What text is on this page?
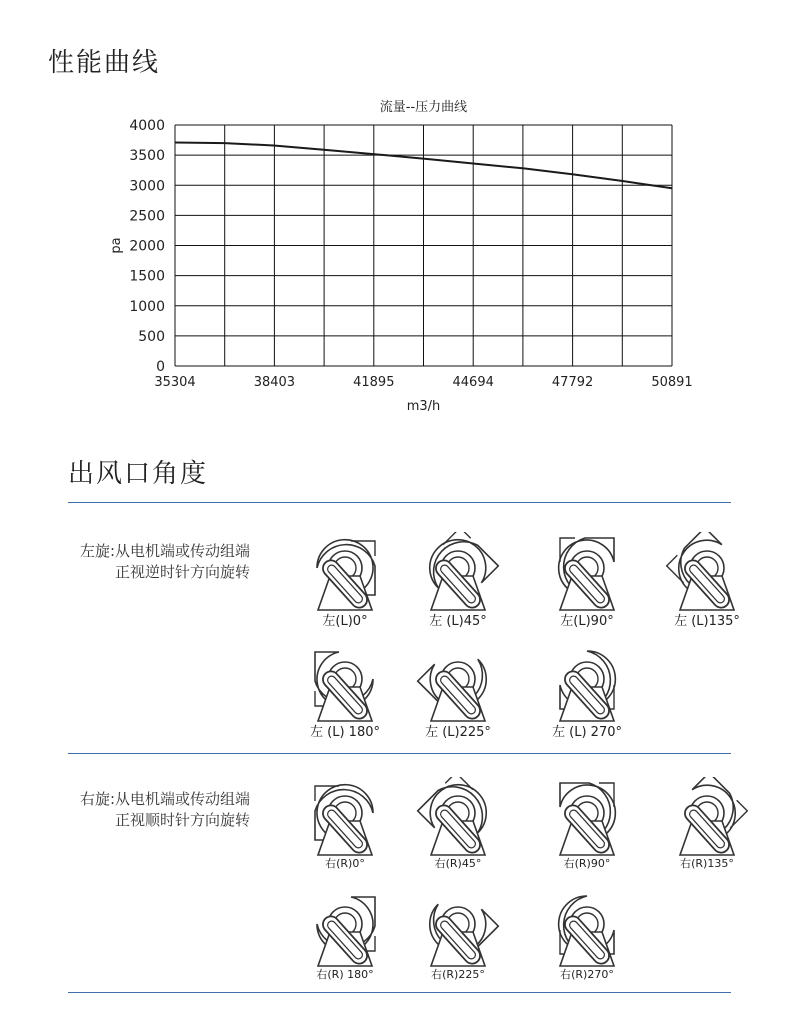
性能曲线
流量--压力曲线
0
500
1000
1500
2000
2500
3000
3500
4000
35304	38403	41895	44694	47792	50891
m3/h
pa
出风口角度
左旋:从电机端或传动组端
正视逆时针方向旋转
右旋:从电机端或传动组端
正视顺时针方向旋转
左(L)0°	左 (L)45°	左(L)90°	左 (L)135°
左 (L) 180°	左 (L)225°	左 (L) 270°
右(R)0°	右(R)45°	右(R)90°	右(R)135°
右(R) 180°	右(R)225°	右(R)270°
